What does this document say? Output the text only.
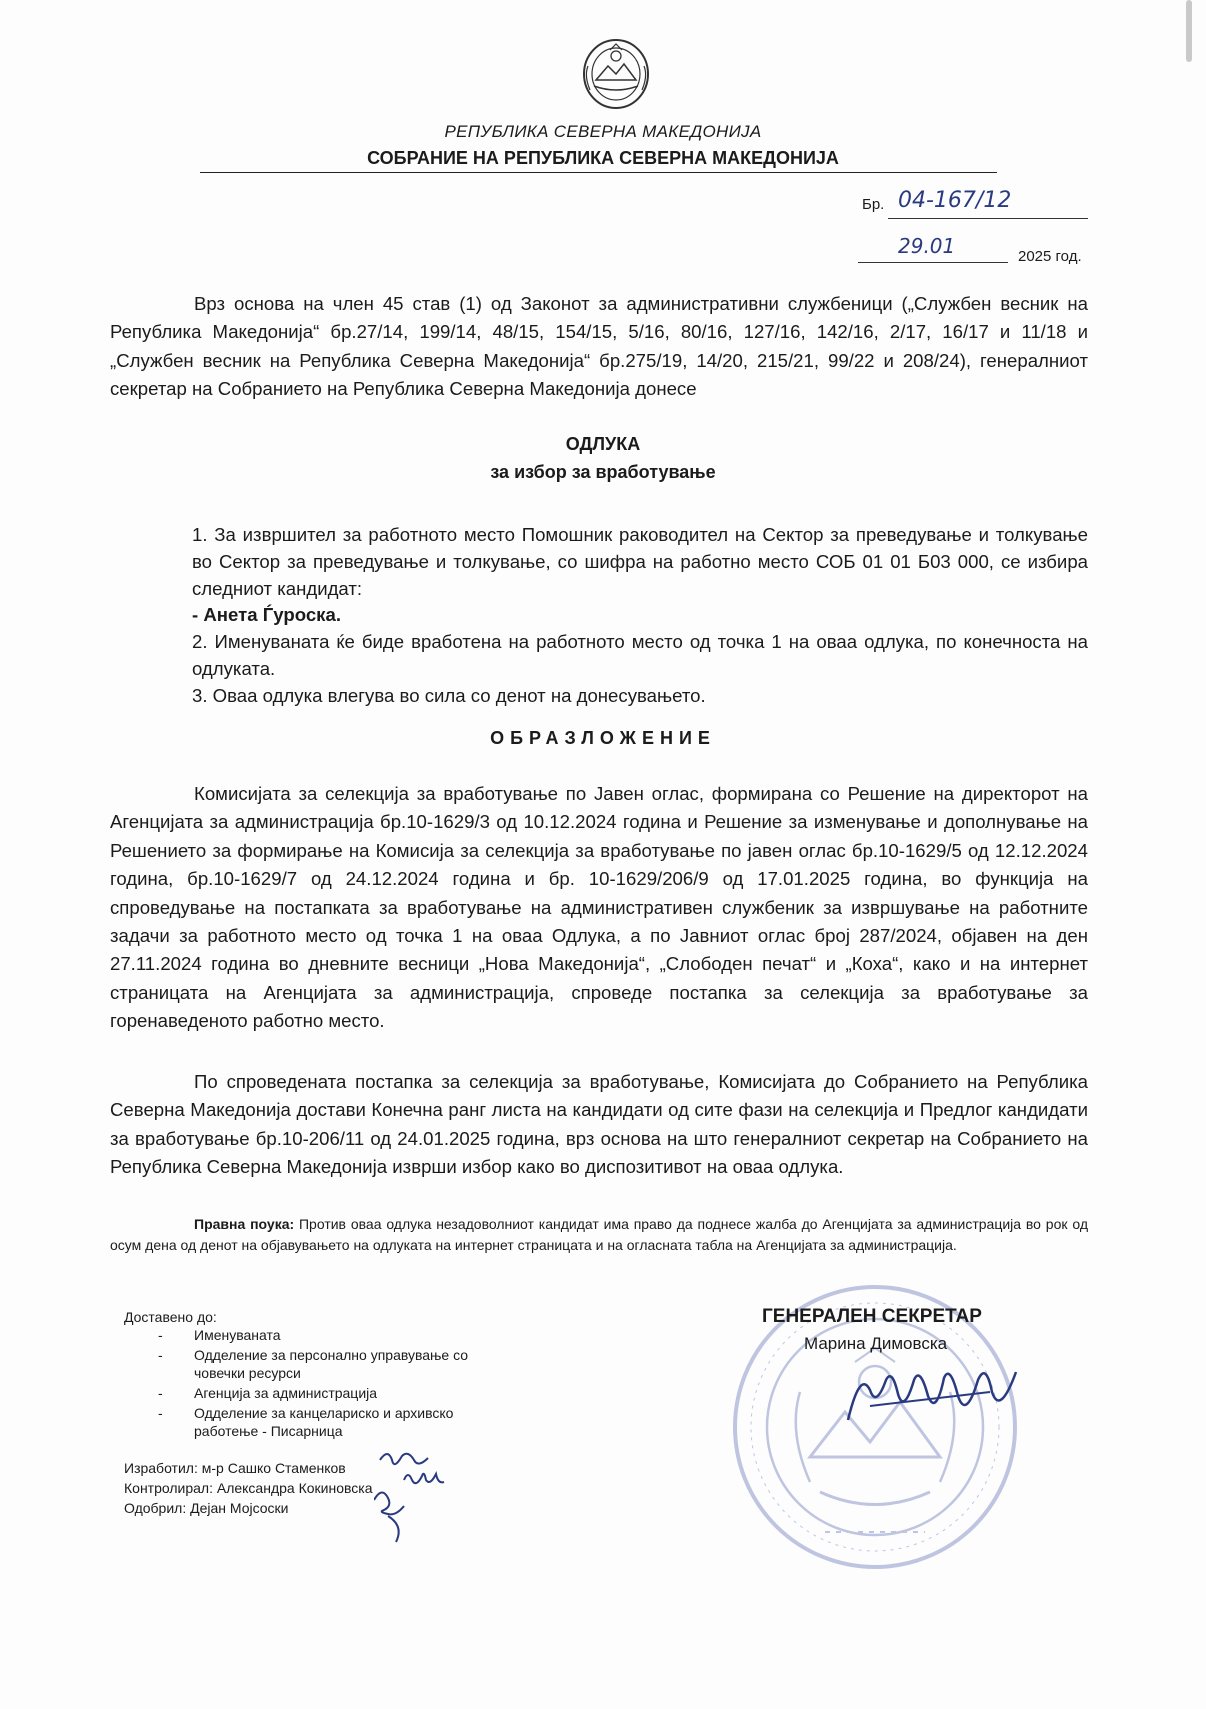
РЕПУБЛИКА СЕВЕРНА МАКЕДОНИЈА
СОБРАНИЕ НА РЕПУБЛИКА СЕВЕРНА МАКЕДОНИЈА
Бр. 04-167/12
29.01	2025 год.
Врз основа на член 45 став (1) од Законот за административни службеници („Службен весник на Република Македонија“ бр.27/14, 199/14, 48/15, 154/15, 5/16, 80/16, 127/16, 142/16, 2/17, 16/17 и 11/18 и „Службен весник на Република Северна Македонија“ бр.275/19, 14/20, 215/21, 99/22 и 208/24), генералниот секретар на Собранието на Република Северна Македонија донесе
ОДЛУКА
за избор за вработување
1. За извршител за работното место Помошник раководител на Сектор за преведување и толкување во Сектор за преведување и толкување, со шифра на работно место СОБ 01 01 Б03 000, се избира следниот кандидат:
- Анета Ѓуроска.
2. Именуваната ќе биде вработена на работното место од точка 1 на оваа одлука, по конечноста на одлуката.
3. Оваа одлука влегува во сила со денот на донесувањето.
ОБРАЗЛОЖЕНИЕ
Комисијата за селекција за вработување по Јавен оглас, формирана со Решение на директорот на Агенцијата за администрација бр.10-1629/3 од 10.12.2024 година и Решение за изменување и дополнување на Решението за формирање на Комисија за селекција за вработување по јавен оглас бр.10-1629/5 од 12.12.2024 година, бр.10-1629/7 од 24.12.2024 година и бр. 10-1629/206/9 од 17.01.2025 година, во функција на спроведување на постапката за вработување на административен службеник за извршување на работните задачи за работното место од точка 1 на оваа Одлука, а по Јавниот оглас број 287/2024, објавен на ден 27.11.2024 година во дневните весници „Нова Македонија“, „Слободен печат“ и „Коха“, како и на интернет страницата на Агенцијата за администрација, спроведе постапка за селекција за вработување за горенаведеното работно место.
По спроведената постапка за селекција за вработување, Комисијата до Собранието на Република Северна Македонија достави Конечна ранг листа на кандидати од сите фази на селекција и Предлог кандидати за вработување бр.10-206/11 од 24.01.2025 година, врз основа на што генералниот секретар на Собранието на Република Северна Македонија изврши избор како во диспозитивот на оваа одлука.
Правна поука: Против оваа одлука незадоволниот кандидат има право да поднесе жалба до Агенцијата за администрација во рок од осум дена од денот на објавувањето на одлуката на интернет страницата и на огласната табла на Агенцијата за администрација.
Доставено до:
- Именуваната
- Одделение за персонално управување со човечки ресурси
- Агенција за администрација
- Одделение за канцелариско и архивско работење - Писарница
ГЕНЕРАЛЕН СЕКРЕТАР
Марина Димовска
Изработил: м-р Сашко Стаменков
Контролирал: Александра Кокиновска
Одобрил: Дејан Мојсоски
